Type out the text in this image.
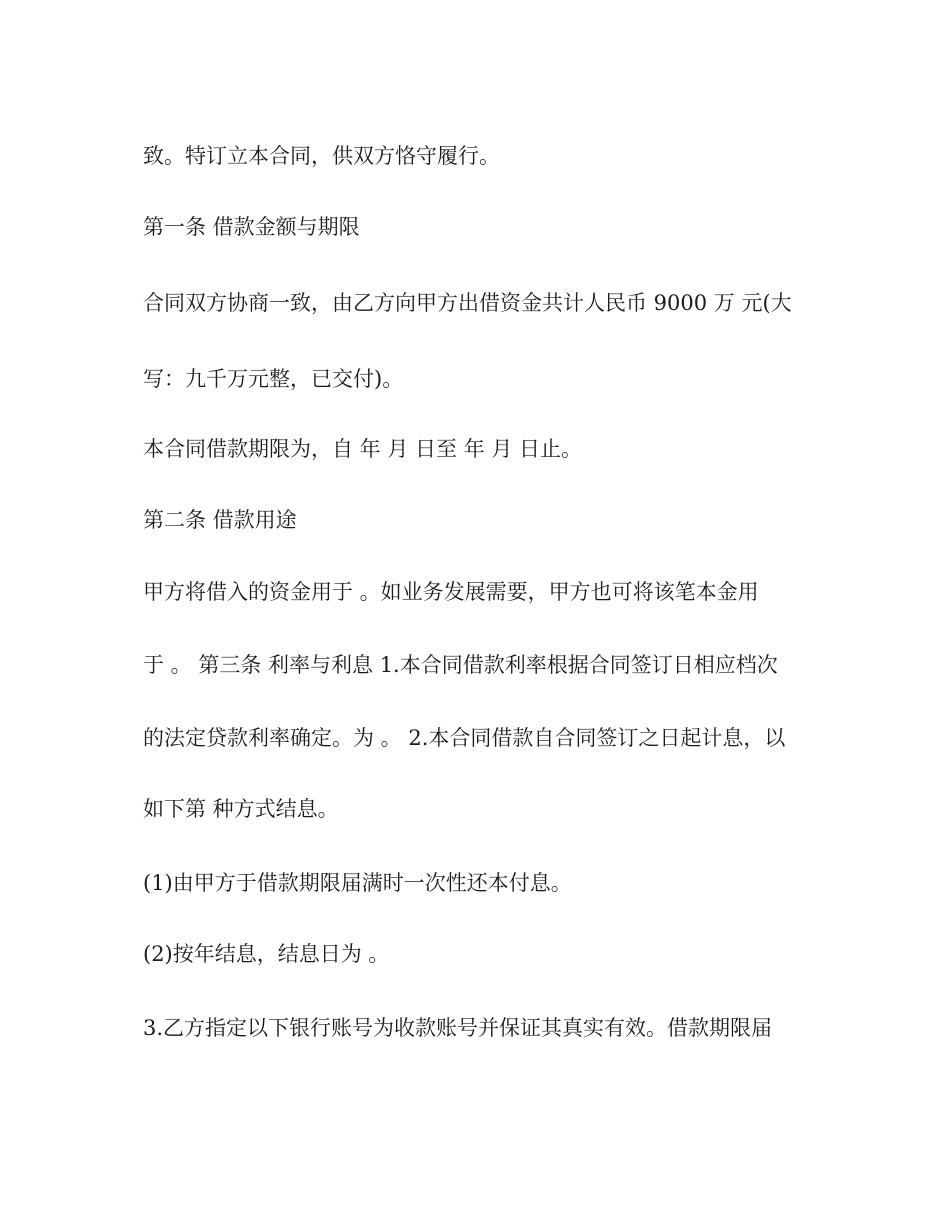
致。特订立本合同，供双方恪守履行。
第一条 借款金额与期限
合同双方协商一致，由乙方向甲方出借资金共计人民币 9000 万 元(大
写：九千万元整，已交付)。
本合同借款期限为，自 年 月 日至 年 月 日止。
第二条 借款用途
甲方将借入的资金用于 。如业务发展需要，甲方也可将该笔本金用
于 。 第三条 利率与利息 1.本合同借款利率根据合同签订日相应档次
的法定贷款利率确定。为 。 2.本合同借款自合同签订之日起计息，以
如下第 种方式结息。
(1)由甲方于借款期限届满时一次性还本付息。
(2)按年结息，结息日为 。
3.乙方指定以下银行账号为收款账号并保证其真实有效。借款期限届
